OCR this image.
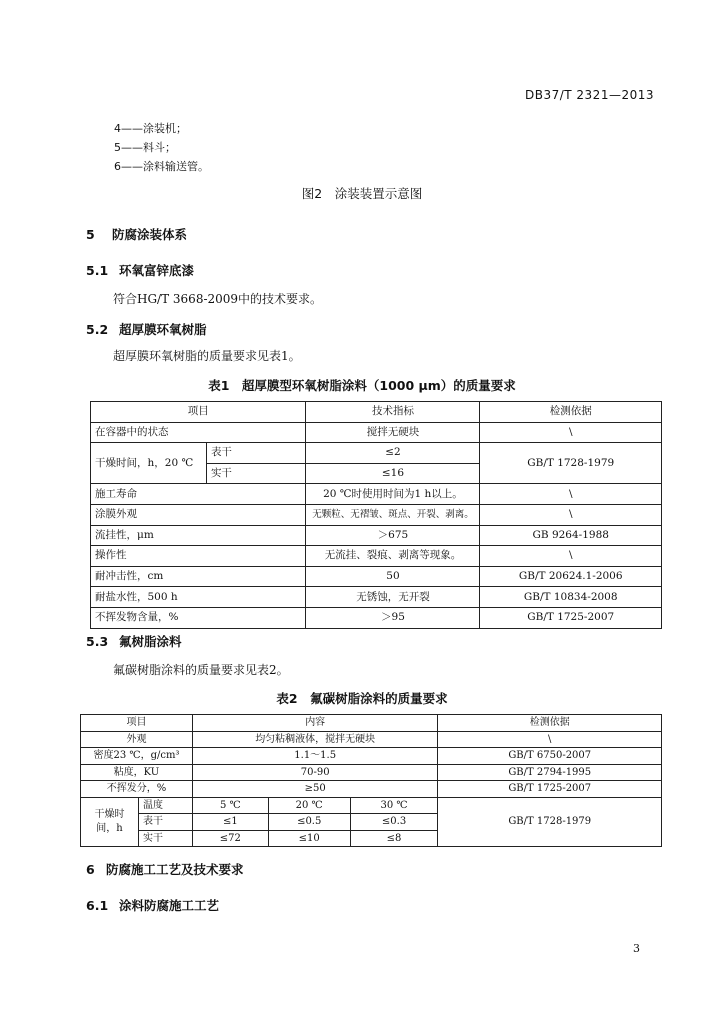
DB37/T 2321—2013
4——涂装机；
5——料斗；
6——涂料输送管。
图2　涂装装置示意图
5 防腐涂装体系
5.1 环氧富锌底漆
符合HG/T 3668-2009中的技术要求。
5.2 超厚膜环氧树脂
超厚膜环氧树脂的质量要求见表1。
表1　超厚膜型环氧树脂涂料（1000 μm）的质量要求
项目		技术指标	检测依据
在容器中的状态		搅拌无硬块	\
干燥时间，h，20 ℃	表干	≤2	GB/T 1728-1979
	实干	≤16	
施工寿命		20 ℃时使用时间为1 h以上。	\
涂膜外观		无颗粒、无褶皱、斑点、开裂、剥离。	\
流挂性，μm		＞675	GB 9264-1988
操作性		无流挂、裂痕、剥离等现象。	\
耐冲击性，cm		50	GB/T 20624.1-2006
耐盐水性，500 h		无锈蚀，无开裂	GB/T 10834-2008
不挥发物含量，%		＞95	GB/T 1725-2007
5.3 氟树脂涂料
氟碳树脂涂料的质量要求见表2。
表2　氟碳树脂涂料的质量要求
项目		内容			检测依据
外观		均匀粘稠液体，搅拌无硬块			\
密度23 ℃，g/cm³		1.1～1.5			GB/T 6750-2007
粘度，KU		70-90			GB/T 2794-1995
不挥发分，%		≥50			GB/T 1725-2007
干燥时间，h	温度	5 ℃	20 ℃	30 ℃	GB/T 1728-1979
	表干	≤1	≤0.5	≤0.3	
	实干	≤72	≤10	≤8	
6 防腐施工工艺及技术要求
6.1 涂料防腐施工工艺
3
